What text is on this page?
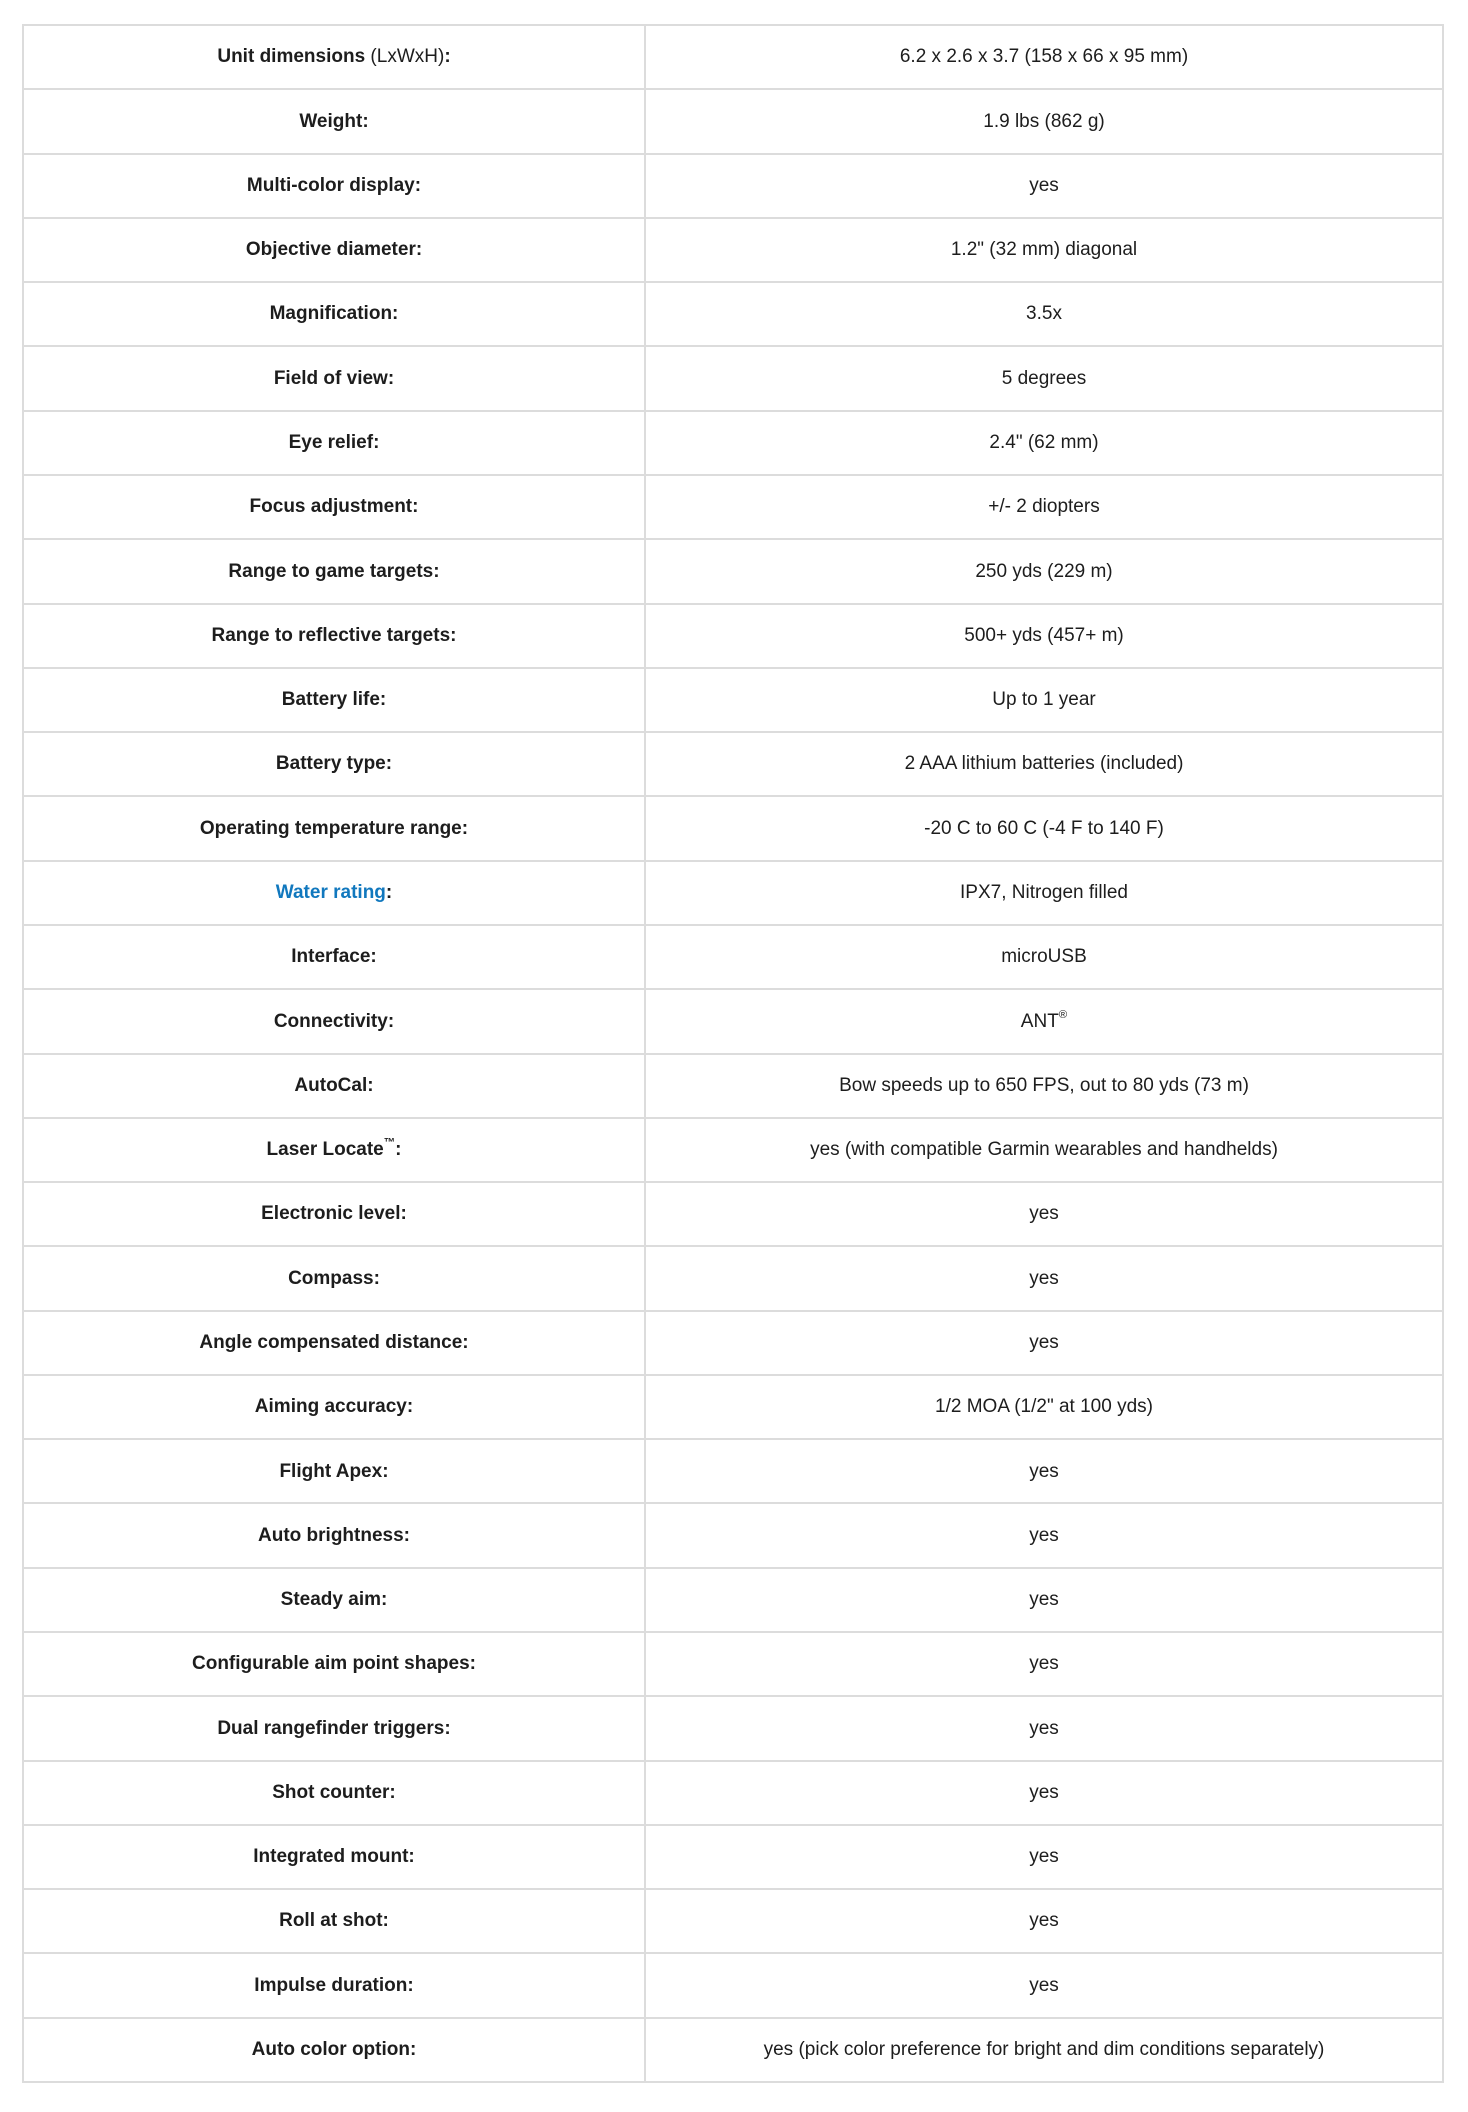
Unit dimensions (LxWxH):	6.2 x 2.6 x 3.7 (158 x 66 x 95 mm)
Weight:	1.9 lbs (862 g)
Multi-color display:	yes
Objective diameter:	1.2" (32 mm) diagonal
Magnification:	3.5x
Field of view:	5 degrees
Eye relief:	2.4" (62 mm)
Focus adjustment:	+/- 2 diopters
Range to game targets:	250 yds (229 m)
Range to reflective targets:	500+ yds (457+ m)
Battery life:	Up to 1 year
Battery type:	2 AAA lithium batteries (included)
Operating temperature range:	-20 C to 60 C (-4 F to 140 F)
Water rating:	IPX7, Nitrogen filled
Interface:	microUSB
Connectivity:	ANT®
AutoCal:	Bow speeds up to 650 FPS, out to 80 yds (73 m)
Laser Locate™:	yes (with compatible Garmin wearables and handhelds)
Electronic level:	yes
Compass:	yes
Angle compensated distance:	yes
Aiming accuracy:	1/2 MOA (1/2" at 100 yds)
Flight Apex:	yes
Auto brightness:	yes
Steady aim:	yes
Configurable aim point shapes:	yes
Dual rangefinder triggers:	yes
Shot counter:	yes
Integrated mount:	yes
Roll at shot:	yes
Impulse duration:	yes
Auto color option:	yes (pick color preference for bright and dim conditions separately)
